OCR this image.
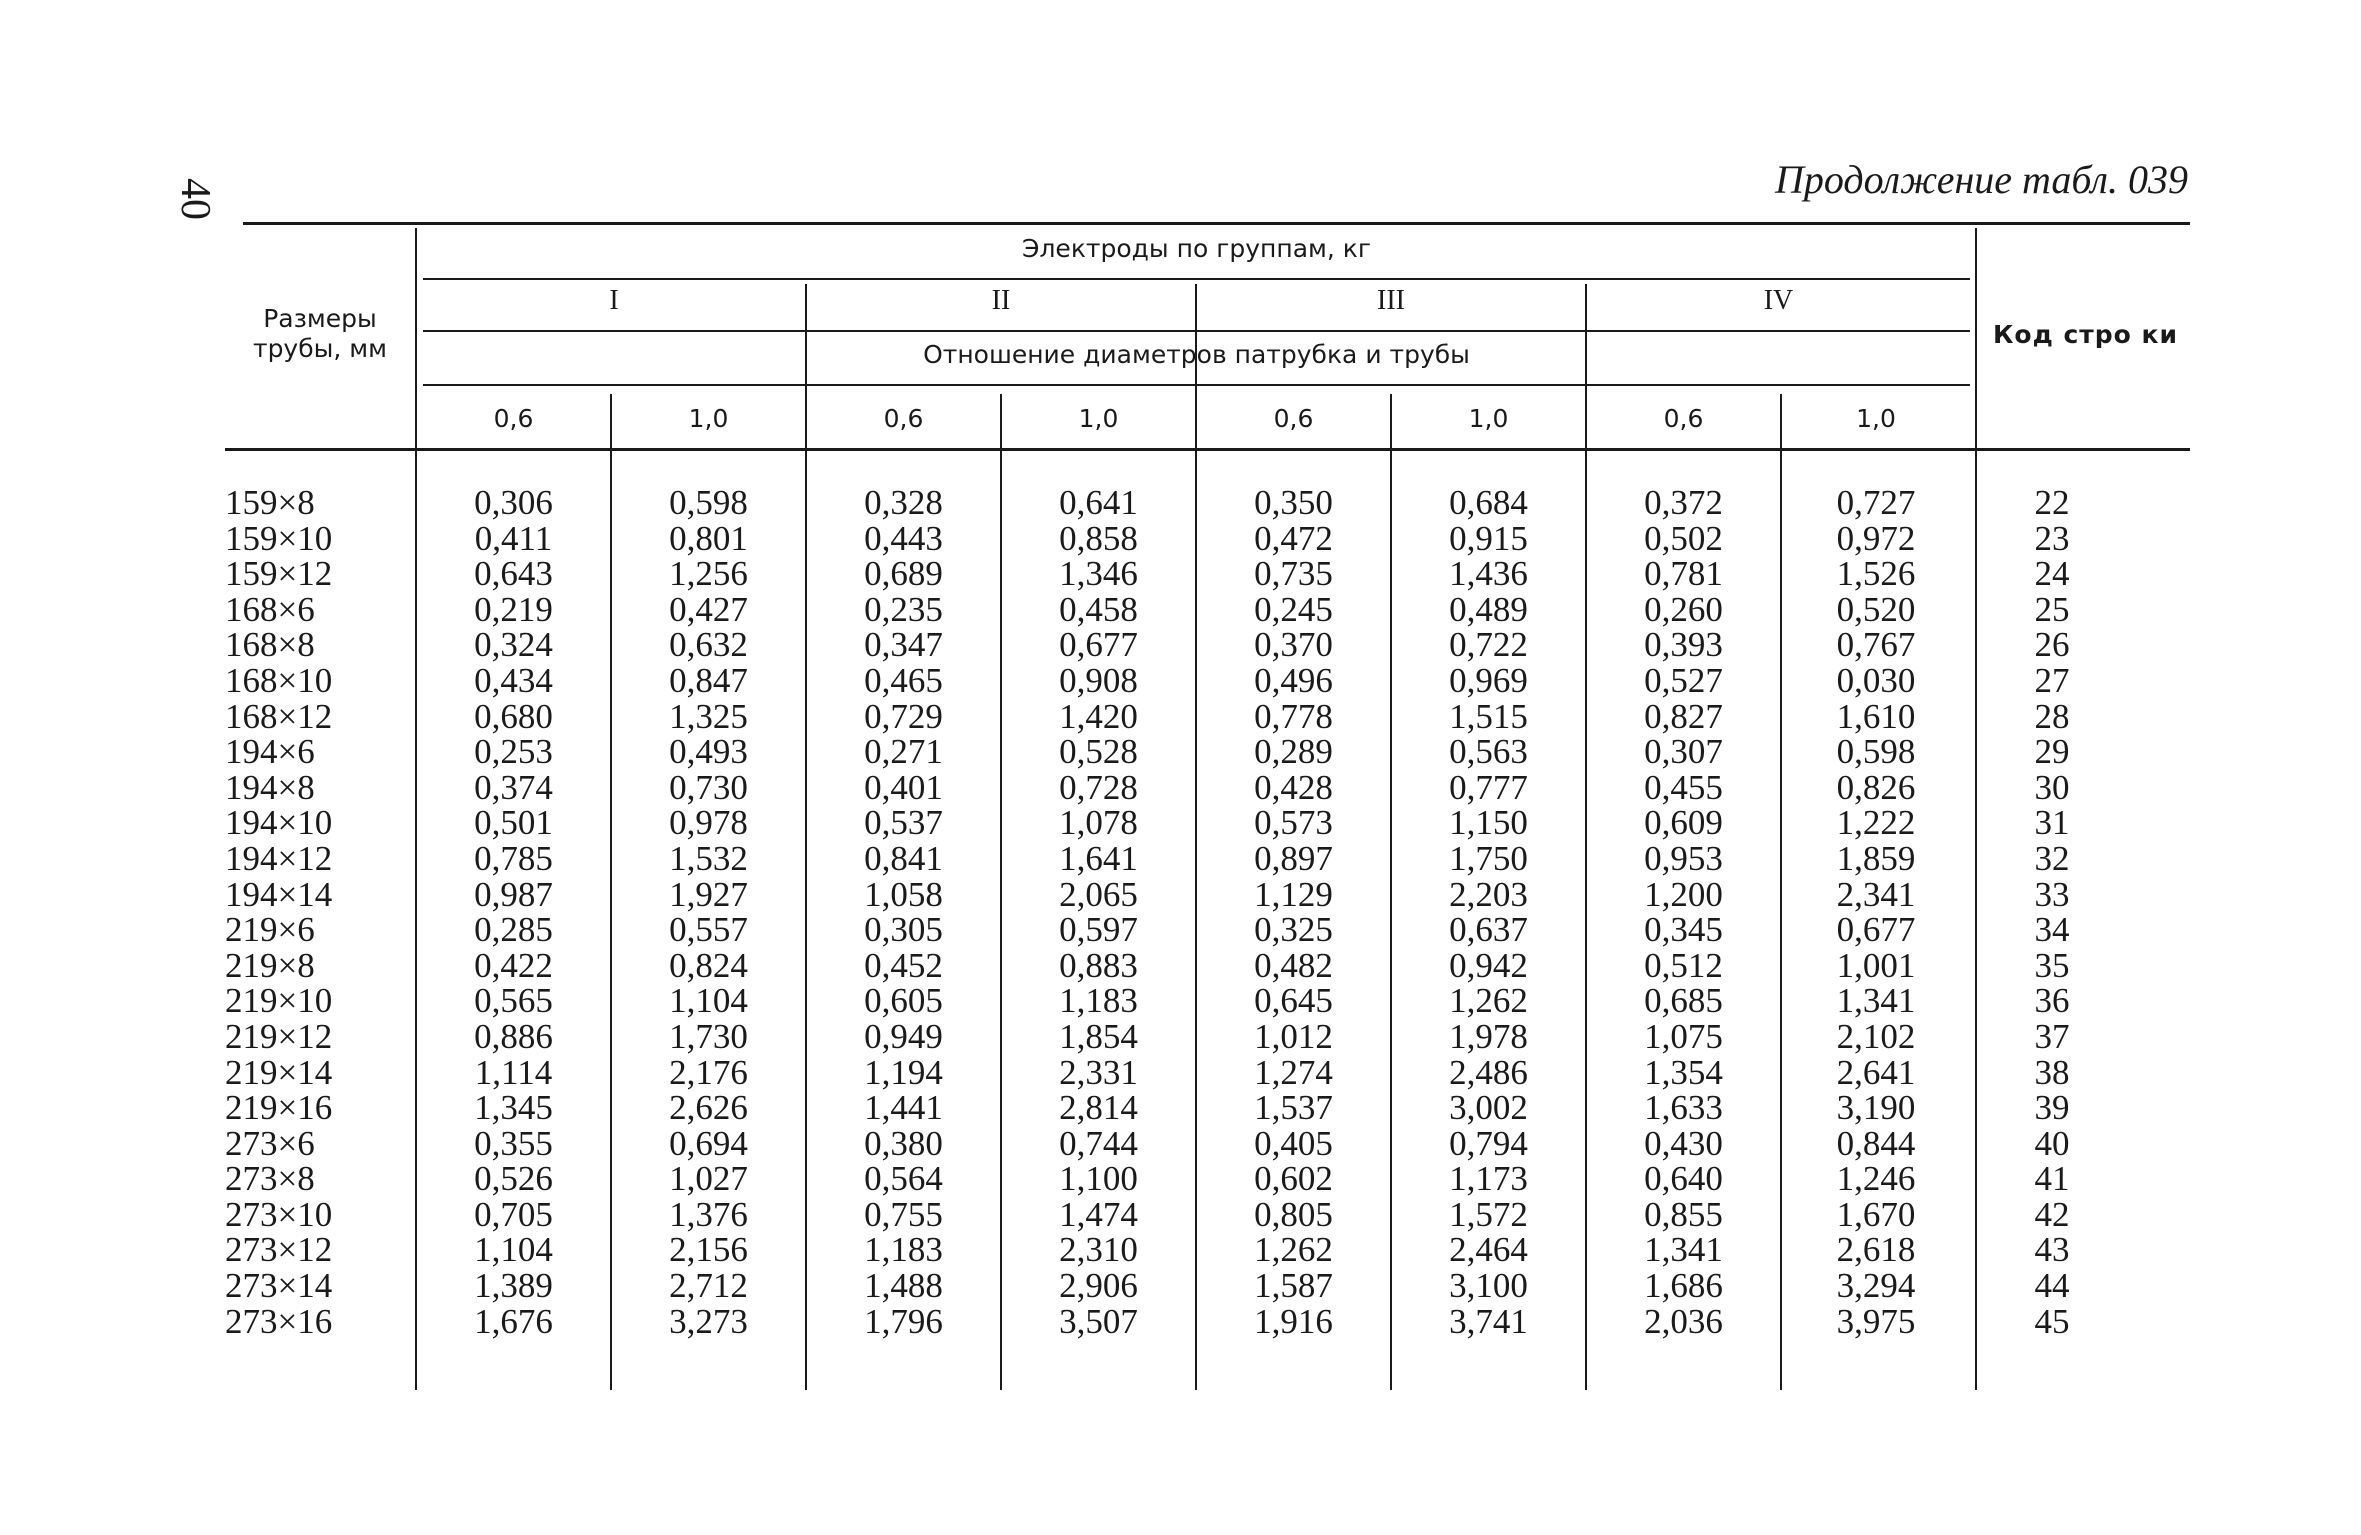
40	Продолжение табл. 039
Размеры трубы, мм
Электроды по группам, кг
I	II	III	IV
Отношение диаметров патрубка и трубы
Код стро ки
0,6	1,0	0,6	1,0	0,6	1,0	0,6	1,0
159×8	0,306	0,598	0,328	0,641	0,350	0,684	0,372	0,727	22
159×10	0,411	0,801	0,443	0,858	0,472	0,915	0,502	0,972	23
159×12	0,643	1,256	0,689	1,346	0,735	1,436	0,781	1,526	24
168×6	0,219	0,427	0,235	0,458	0,245	0,489	0,260	0,520	25
168×8	0,324	0,632	0,347	0,677	0,370	0,722	0,393	0,767	26
168×10	0,434	0,847	0,465	0,908	0,496	0,969	0,527	0,030	27
168×12	0,680	1,325	0,729	1,420	0,778	1,515	0,827	1,610	28
194×6	0,253	0,493	0,271	0,528	0,289	0,563	0,307	0,598	29
194×8	0,374	0,730	0,401	0,728	0,428	0,777	0,455	0,826	30
194×10	0,501	0,978	0,537	1,078	0,573	1,150	0,609	1,222	31
194×12	0,785	1,532	0,841	1,641	0,897	1,750	0,953	1,859	32
194×14	0,987	1,927	1,058	2,065	1,129	2,203	1,200	2,341	33
219×6	0,285	0,557	0,305	0,597	0,325	0,637	0,345	0,677	34
219×8	0,422	0,824	0,452	0,883	0,482	0,942	0,512	1,001	35
219×10	0,565	1,104	0,605	1,183	0,645	1,262	0,685	1,341	36
219×12	0,886	1,730	0,949	1,854	1,012	1,978	1,075	2,102	37
219×14	1,114	2,176	1,194	2,331	1,274	2,486	1,354	2,641	38
219×16	1,345	2,626	1,441	2,814	1,537	3,002	1,633	3,190	39
273×6	0,355	0,694	0,380	0,744	0,405	0,794	0,430	0,844	40
273×8	0,526	1,027	0,564	1,100	0,602	1,173	0,640	1,246	41
273×10	0,705	1,376	0,755	1,474	0,805	1,572	0,855	1,670	42
273×12	1,104	2,156	1,183	2,310	1,262	2,464	1,341	2,618	43
273×14	1,389	2,712	1,488	2,906	1,587	3,100	1,686	3,294	44
273×16	1,676	3,273	1,796	3,507	1,916	3,741	2,036	3,975	45
